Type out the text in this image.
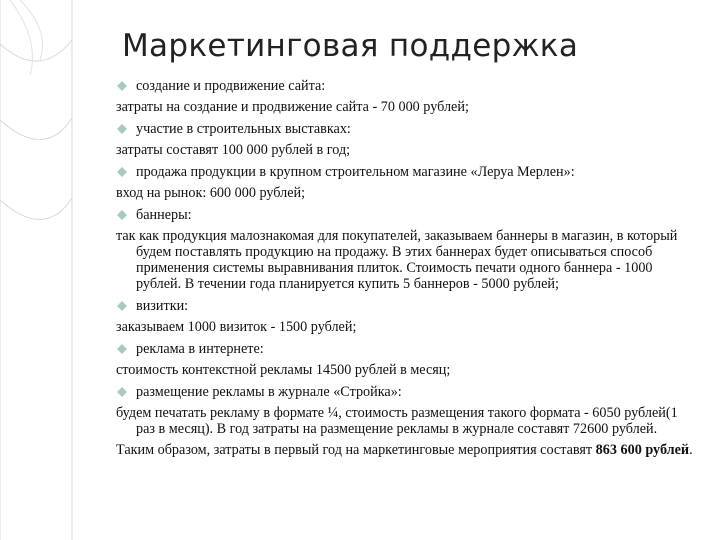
Маркетинговая поддержка
создание и продвижение сайта:
затраты на создание и продвижение сайта - 70 000 рублей;
участие в строительных выставках:
затраты составят 100 000 рублей в год;
продажа продукции в крупном строительном магазине «Леруа Мерлен»:
вход на рынок: 600 000 рублей;
баннеры:
так как продукция малознакомая для покупателей, заказываем баннеры в магазин, в который будем поставлять продукцию на продажу. В этих баннерах будет описываться способ применения системы выравнивания плиток. Стоимость печати одного баннера - 1000 рублей. В течении года планируется купить 5 баннеров - 5000 рублей;
визитки:
заказываем 1000 визиток - 1500 рублей;
реклама в интернете:
стоимость контекстной рекламы 14500 рублей в месяц;
размещение рекламы в журнале «Стройка»:
будем печатать рекламу в формате ¼, стоимость размещения такого формата - 6050 рублей(1 раз в месяц). В год затраты на размещение рекламы в журнале составят 72600 рублей.
Таким образом, затраты в первый год на маркетинговые мероприятия составят 863 600 рублей.
